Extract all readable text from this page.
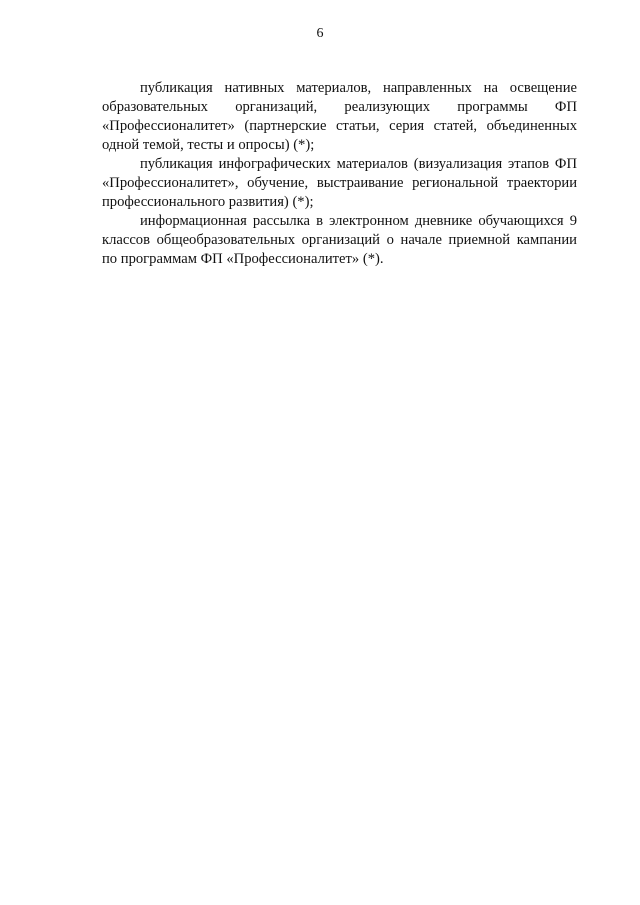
6

публикация нативных материалов, направленных на освещение образовательных организаций, реализующих программы ФП «Профессионалитет» (партнерские статьи, серия статей, объединенных одной темой, тесты и опросы) (*);

публикация инфографических материалов (визуализация этапов ФП «Профессионалитет», обучение, выстраивание региональной траектории профессионального развития) (*);

информационная рассылка в электронном дневнике обучающихся 9 классов общеобразовательных организаций о начале приемной кампании по программам ФП «Профессионалитет» (*).
